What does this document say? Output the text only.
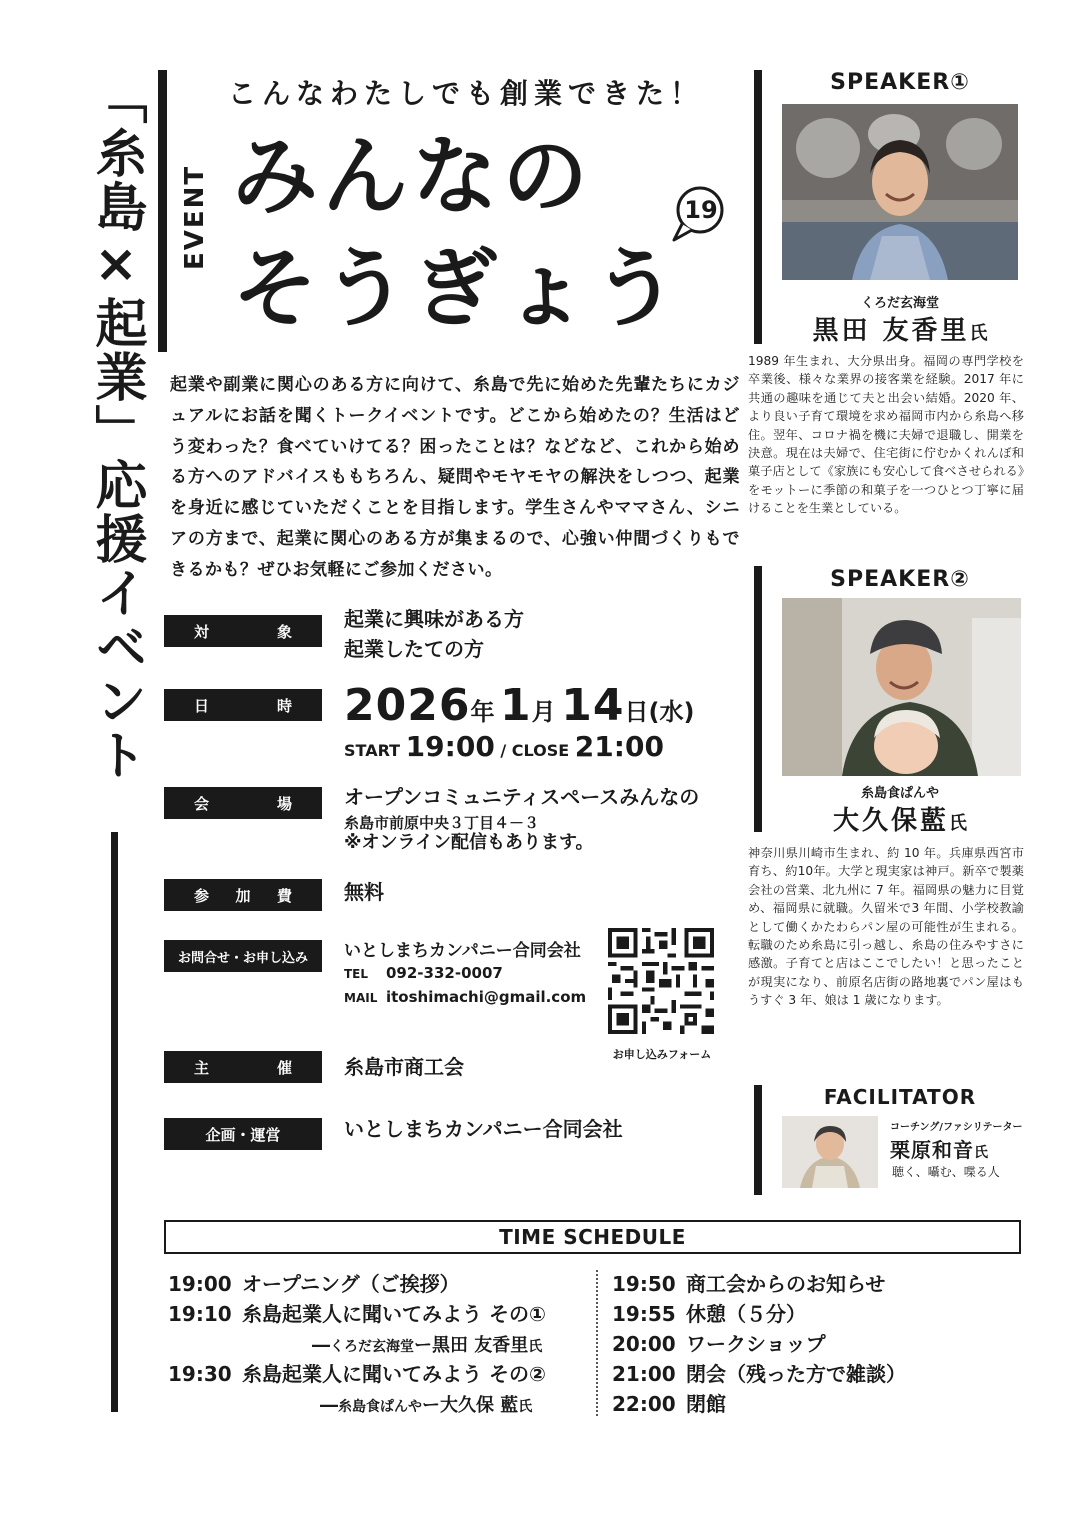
「糸島×起業」応援イベント	こんなわたしでも創業できた！
EVENT みんなの
そうぎょう
19
起業や副業に関心のある方に向けて、糸島で先に始めた先輩たちにカジュアルにお話を聞くトークイベントです。どこから始めたの？生活はどう変わった？食べていけてる？困ったことは？などなど、これから始める方へのアドバイスももちろん、疑問やモヤモヤの解決をしつつ、起業を身近に感じていただくことを目指します。学生さんやママさん、シニアの方まで、起業に関心のある方が集まるので、心強い仲間づくりもできるかも？ぜひお気軽にご参加ください。
対	象
起業に興味がある方
起業したての方
日	時 2026年 1月 14日(水)
START 19:00 / CLOSE 21:00
会	場	オープンコミュニティスペースみんなの
糸島市前原中央３丁目４－３
※オンライン配信もあります。
参 加 費	無料
お問合せ・お申し込み	いとしまちカンパニー合同会社
TEL 092-332-0007
MAIL itoshimachi@gmail.com
お申し込みフォーム
主	催	糸島市商工会
企画・運営	いとしまちカンパニー合同会社
SPEAKER①
くろだ玄海堂
黒田 友香里氏
1989 年生まれ、大分県出身。福岡の専門学校を卒業後、様々な業界の接客業を経験。2017 年に共通の趣味を通じて夫と出会い結婚。2020 年、より良い子育て環境を求め福岡市内から糸島へ移住。翌年、コロナ禍を機に夫婦で退職し、開業を決意。現在は夫婦で、住宅街に佇むかくれんぼ和菓子店として《家族にも安心して食べさせられる》をモットーに季節の和菓子を一つひとつ丁寧に届けることを生業としている。
SPEAKER②
糸島食ぱんや
大久保藍氏
神奈川県川崎市生まれ、約 10 年。兵庫県西宮市育ち、約10年。大学と現実家は神戸。新卒で製薬会社の営業、北九州に 7 年。福岡県の魅力に目覚め、福岡県に就職。久留米で3 年間、小学校教諭として働くかたわらパン屋の可能性が生まれる。転職のため糸島に引っ越し、糸島の住みやすさに感激。子育てと店はここでしたい！と思ったことが現実になり、前原名店街の路地裏でパン屋はもうすぐ 3 年、娘は 1 歳になります。
FACILITATOR
コーチング/ファシリテーター
栗原和音氏
聴く、囁む、喋る人
TIME SCHEDULE
19:00 オープニング（ご挨拶）
19:10 糸島起業人に聞いてみよう その①
―くろだ玄海堂ー黒田 友香里氏
19:30 糸島起業人に聞いてみよう その②
―糸島食ぱんやー大久保 藍氏
19:50 商工会からのお知らせ
19:55 休憩（５分）
20:00 ワークショップ
21:00 閉会（残った方で雑談）
22:00 閉館
